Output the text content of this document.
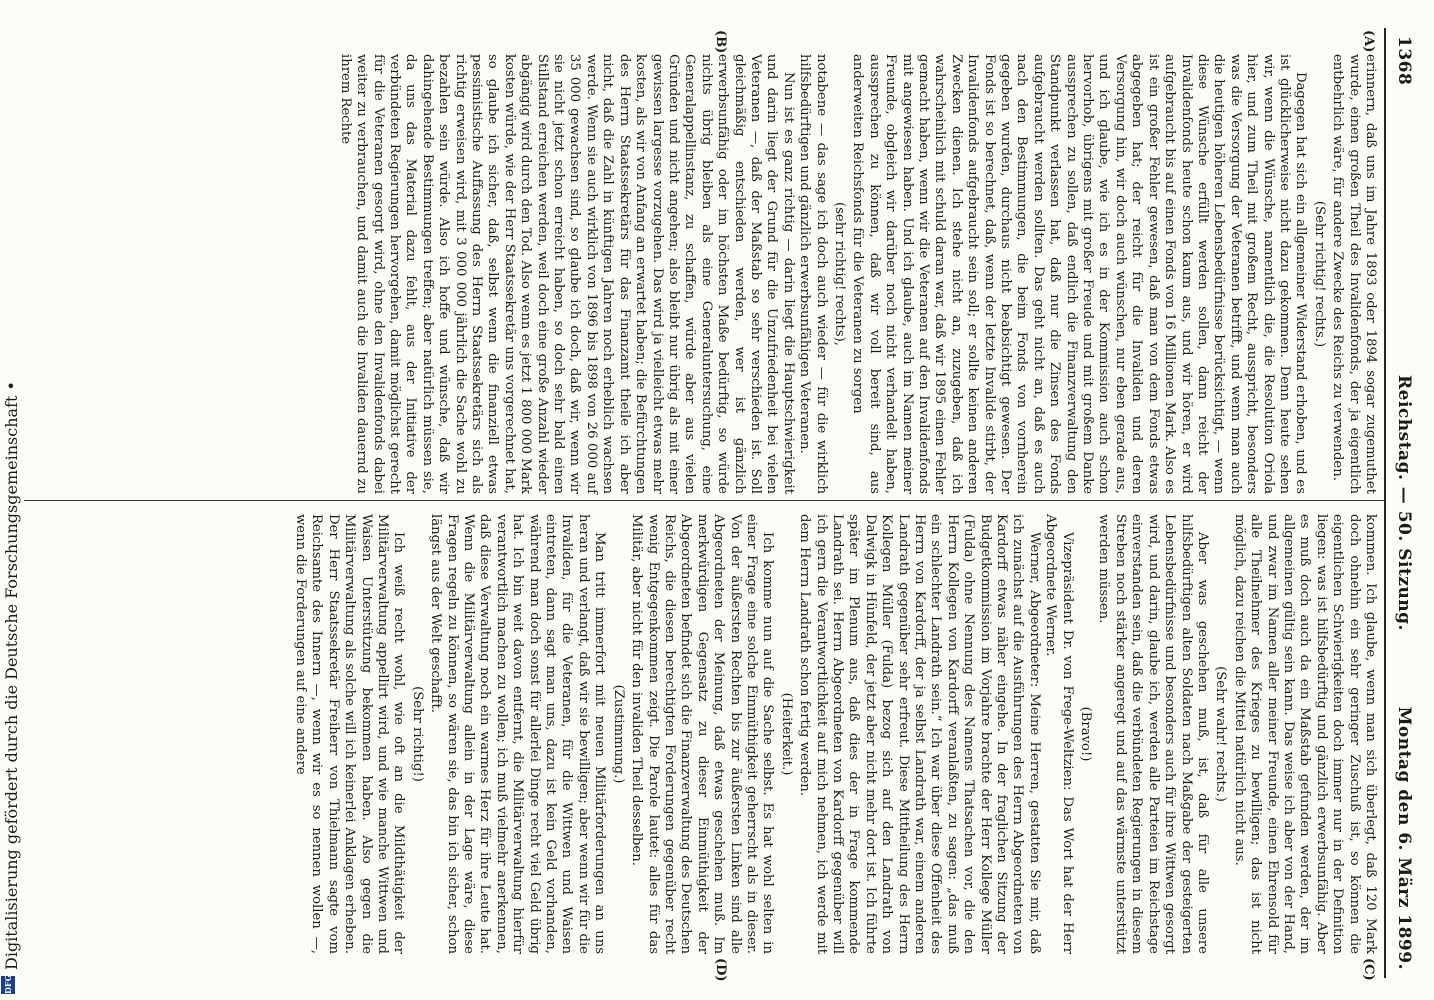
1368
Reichstag. — 50. Sitzung.
Montag den 6. März 1899.
(A)
(B)
(C)
(D)

erinnern, daß uns im Jahre 1893 oder 1894 sogar zugemuthet wurde, einen großen Theil des Invalidenfonds, der ja eigentlich entbehrlich wäre, für andere Zwecke des Reichs zu verwenden.

(Sehr richtig! rechts.)

Dagegen hat sich ein allgemeiner Widerstand erhoben, und es ist glücklicherweise nicht dazu gekommen. Denn heute sehen wir, wenn die Wünsche, namentlich die, die Resolution Oriola hier, und zum Theil mit großem Recht, ausspricht, besonders was die Versorgung der Veteranen betrifft, und wenn man auch die heutigen höheren Lebensbedürfnisse berücksichtigt, — wenn diese Wünsche erfüllt werden sollen, dann reicht der Invalidenfonds heute schon kaum aus, und wir hören, er wird aufgebraucht bis auf einen Fonds von 16 Millionen Mark. Also es ist ein großer Fehler gewesen, daß man von dem Fonds etwas abgegeben hat; der reicht für die Invaliden und deren Versorgung hin, wir doch auch wünschen, nur eben gerade aus, und ich glaube, wie ich es in der Kommission auch schon hervorhob, übrigens mit großer Freude und mit großem Danke aussprechen zu sollen, daß endlich die Finanzverwaltung den Standpunkt verlassen hat, daß nur die Zinsen des Fonds aufgebraucht werden sollten. Das geht nicht an, daß es auch nach den Bestimmungen, die beim Fonds von vornherein gegeben wurden, durchaus nicht beabsichtigt gewesen. Der Fonds ist so berechnet, daß, wenn der letzte Invalide stirbt, der Invalidenfonds aufgebraucht sein soll; er sollte keinen anderen Zwecken dienen. Ich stehe nicht an, zuzugeben, daß ich wahrscheinlich mit schuld daran war, daß wir 1895 einen Fehler gemacht haben, wenn wir die Veteranen auf den Invalidenfonds mit angewiesen haben. Und ich glaube, auch im Namen meiner Freunde, obgleich wir darüber noch nicht verhandelt haben, aussprechen zu können, daß wir voll bereit sind, aus anderweiten Reichsfonds für die Veteranen zu sorgen

(sehr richtig! rechts),

notabene — das sage ich doch auch wieder — für die wirklich hilfsbedürftigen und gänzlich erwerbsunfähigen Veteranen.

Nun ist es ganz richtig — darin liegt die Hauptschwierigkeit und darin liegt der Grund für die Unzufriedenheit bei vielen Veteranen —, daß der Maßstab so sehr verschieden ist. Soll gleichmäßig entschieden werden, wer ist gänzlich erwerbsunfähig oder im höchsten Maße bedürftig, so würde nichts übrig bleiben als eine Generaluntersuchung, eine Generalappellinstanz, zu schaffen, würde aber aus vielen Gründen und nicht angehen; also bleibt nur übrig als mit einer gewissen largesse vorzugehen. Das wird ja vielleicht etwas mehr kosten, als wir von Anfang an erwartet haben; die Befürchtungen des Herrn Staatssekretärs für das Finanzamt theile ich aber nicht, daß die Zahl in künftigen Jahren noch erheblich wachsen werde. Wenn sie auch wirklich von 1896 bis 1898 von 26 000 auf 35 000 gewachsen sind, so glaube ich doch, daß wir, wenn wir sie nicht jetzt schon erreicht haben, so doch sehr bald einen Stillstand erreichen werden, weil doch eine große Anzahl wieder abgängig wird durch den Tod. Also wenn es jetzt 1 800 000 Mark kosten würde, wie der Herr Staatssekretär uns vorgerechnet hat, so glaube ich sicher, daß, selbst wenn die finanziell etwas pessimistische Auffassung des Herrn Staatssekretärs sich als richtig erweisen wird, mit 3 000 000 jährlich die Sache wohl zu bezahlen sein würde. Also ich hoffe und wünsche, daß wir dahingehende Bestimmungen treffen; aber natürlich müssen sie, da uns das Material dazu fehlt, aus der Initiative der verbündeten Regierungen hervorgehen, damit möglichst gerecht für die Veteranen gesorgt wird, ohne den Invalidenfonds dabei weiter zu verbrauchen, und damit auch die Invaliden dauernd zu ihrem Rechte

kommen. Ich glaube, wenn man sich überlegt, daß 120 Mark doch ohnehin ein sehr geringer Zuschuß ist, so können die eigentlichen Schwierigkeiten doch immer nur in der Definition liegen: was ist hilfsbedürftig und gänzlich erwerbsunfähig. Aber es muß doch auch da ein Maßstab gefunden werden, der im allgemeinen gültig sein kann. Das weise ich aber von der Hand, und zwar im Namen aller meiner Freunde, einen Ehrensold für alle Theilnehmer des Krieges zu bewilligen; das ist nicht möglich, dazu reichen die Mittel natürlich nicht aus.

(Sehr wahr! rechts.)

Aber was geschehen muß, ist, daß für alle unsere hilfsbedürftigen alten Soldaten nach Maßgabe der gesteigerten Lebensbedürfnisse und besonders auch für ihre Wittwen gesorgt wird, und darin, glaube ich, werden alle Parteien im Reichstage einverstanden sein, daß die verbündeten Regierungen in diesem Streben noch stärker angeregt und auf das wärmste unterstützt werden müssen.

(Bravo!)

Vizepräsident Dr. von Frege-Weltzien: Das Wort hat der Herr Abgeordnete Werner.

Werner, Abgeordneter: Meine Herren, gestatten Sie mir, daß ich zunächst auf die Ausführungen des Herrn Abgeordneten von Kardorff etwas näher eingehe. In der fraglichen Sitzung der Budgetkommission im Vorjahre brachte der Herr Kollege Müller (Fulda) ohne Nennung des Namens Thatsachen vor, die den Herrn Kollegen von Kardorff veranlaßten, zu sagen: „das muß ein schlechter Landrath sein.“ Ich war über diese Offenheit des Herrn von Kardorff, der ja selbst Landrath war, einem anderen Landrath gegenüber sehr erfreut. Diese Mittheilung des Herrn Kollegen Müller (Fulda) bezog sich auf den Landrath von Dalwigk in Hünfeld, der jetzt aber nicht mehr dort ist. Ich führte später im Plenum aus, daß dies der in Frage kommende Landrath sei. Herrn Abgeordneten von Kardorff gegenüber will ich gern die Verantwortlichkeit auf mich nehmen, ich werde mit dem Herrn Landrath schon fertig werden.

(Heiterkeit.)

Ich komme nun auf die Sache selbst. Es hat wohl selten in einer Frage eine solche Einmüthigkeit geherrscht als in dieser. Von der äußersten Rechten bis zur äußersten Linken sind alle Abgeordneten der Meinung, daß etwas geschehen muß. Im merkwürdigen Gegensatz zu dieser Einmüthigkeit der Abgeordneten befindet sich die Finanzverwaltung des Deutschen Reichs, die diesen berechtigten Forderungen gegenüber recht wenig Entgegenkommen zeigt. Die Parole lautet: alles für das Militär, aber nicht für den invaliden Theil desselben.

(Zustimmung.)

Man tritt immerfort mit neuen Militärforderungen an uns heran und verlangt, daß wir sie bewilligen; aber wenn wir für die Invaliden, für die Veteranen, für die Wittwen und Waisen eintreten, dann sagt man uns, dazu ist kein Geld vorhanden, während man doch sonst für allerlei Dinge recht viel Geld übrig hat. Ich bin weit davon entfernt, die Militärverwaltung hierfür verantwortlich machen zu wollen; ich muß vielmehr anerkennen, daß diese Verwaltung noch ein warmes Herz für ihre Leute hat. Wenn die Militärverwaltung allein in der Lage wäre, diese Fragen regeln zu können, so wären sie, das bin ich sicher, schon längst aus der Welt geschafft.

(Sehr richtig!)

Ich weiß recht wohl, wie oft an die Mildthätigkeit der Militärverwaltung appellirt wird, und wie manche Wittwen und Waisen Unterstützung bekommen haben. Also gegen die Militärverwaltung als solche will ich keinerlei Anklagen erheben. Der Herr Staatssekretär Freiherr von Thielmann sagte vom Reichsamte des Innern —, wenn wir es so nennen wollen —, wenn die Forderungen auf eine andere

DFG
Digitalisierung gefördert durch die Deutsche Forschungsgemeinschaft •
